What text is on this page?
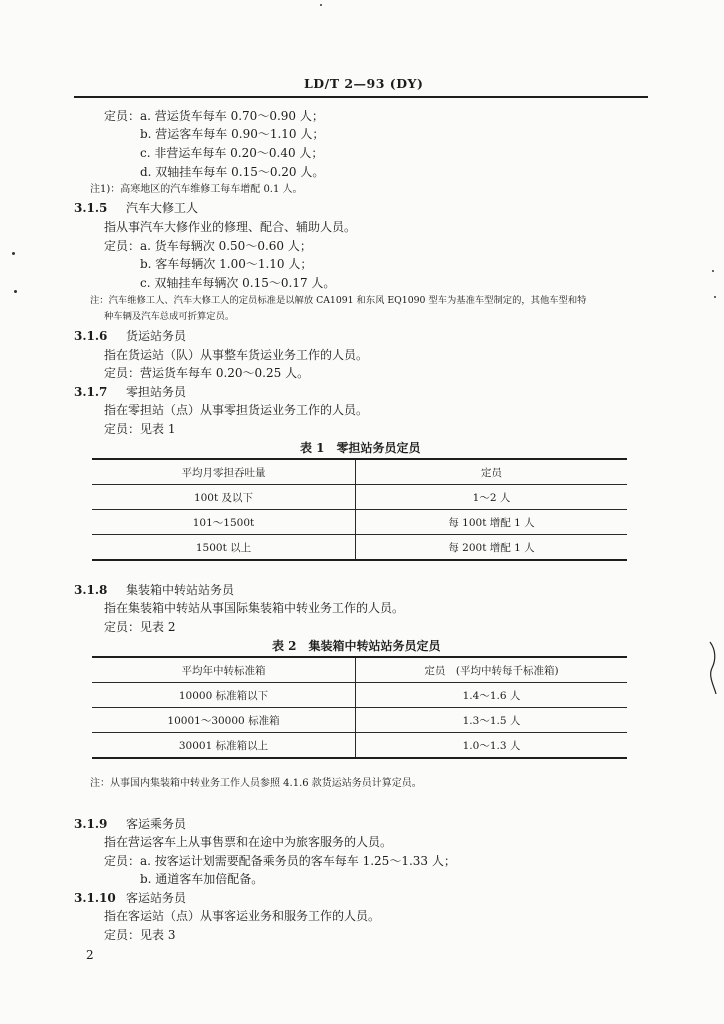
LD/T 2—93 (DY)
定员： a. 营运货车每车 0.70～0.90 人；
b. 营运客车每车 0.90～1.10 人；
c. 非营运车每车 0.20～0.40 人；
d. 双轴挂车每车 0.15～0.20 人。
注1)：高寒地区的汽车维修工每车增配 0.1 人。
3.1.5 汽车大修工人
指从事汽车大修作业的修理、配合、辅助人员。
定员： a. 货车每辆次 0.50～0.60 人；
b. 客车每辆次 1.00～1.10 人；
c. 双轴挂车每辆次 0.15～0.17 人。
注：汽车维修工人、汽车大修工人的定员标准是以解放 CA1091 和东风 EQ1090 型车为基准车型制定的，其他车型和特
种车辆及汽车总成可折算定员。
3.1.6 货运站务员
指在货运站（队）从事整车货运业务工作的人员。
定员：营运货车每车 0.20～0.25 人。
3.1.7 零担站务员
指在零担站（点）从事零担货运业务工作的人员。
定员：见表 1
表 1　零担站务员定员
平均月零担吞吐量	定员
100t 及以下	1～2 人
101～1500t	每 100t 增配 1 人
1500t 以上	每 200t 增配 1 人
3.1.8 集装箱中转站站务员
指在集装箱中转站从事国际集装箱中转业务工作的人员。
定员：见表 2
表 2　集装箱中转站站务员定员
平均年中转标准箱	定员　(平均中转每千标准箱)
10000 标准箱以下	1.4～1.6 人
10001～30000 标准箱	1.3～1.5 人
30001 标准箱以上	1.0～1.3 人
注：从事国内集装箱中转业务工作人员参照 4.1.6 款货运站务员计算定员。
3.1.9 客运乘务员
指在营运客车上从事售票和在途中为旅客服务的人员。
定员： a. 按客运计划需要配备乘务员的客车每车 1.25～1.33 人；
b. 通道客车加倍配备。
3.1.10 客运站务员
指在客运站（点）从事客运业务和服务工作的人员。
定员：见表 3
2
